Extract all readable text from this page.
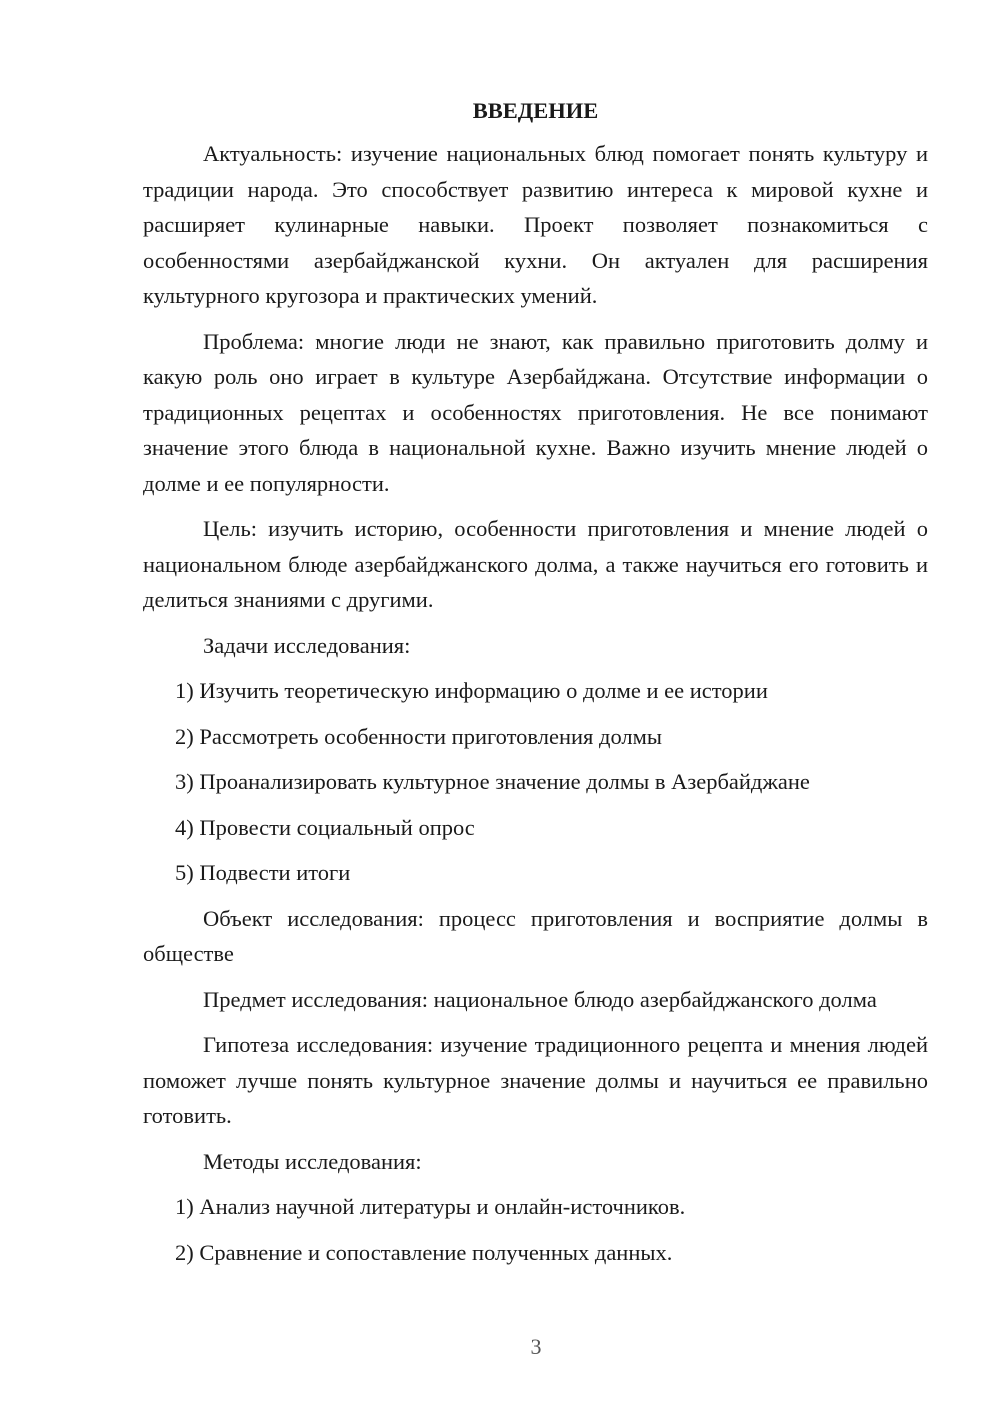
ВВЕДЕНИЕ

Актуальность: изучение национальных блюд помогает понять культуру и традиции народа. Это способствует развитию интереса к мировой кухне и расширяет кулинарные навыки. Проект позволяет познакомиться с особенностями азербайджанской кухни. Он актуален для расширения культурного кругозора и практических умений.

Проблема: многие люди не знают, как правильно приготовить долму и какую роль оно играет в культуре Азербайджана. Отсутствие информации о традиционных рецептах и особенностях приготовления. Не все понимают значение этого блюда в национальной кухне. Важно изучить мнение людей о долме и ее популярности.

Цель: изучить историю, особенности приготовления и мнение людей о национальном блюде азербайджанского долма, а также научиться его готовить и делиться знаниями с другими.

Задачи исследования:

1) Изучить теоретическую информацию о долме и ее истории
2) Рассмотреть особенности приготовления долмы
3) Проанализировать культурное значение долмы в Азербайджане
4) Провести социальный опрос
5) Подвести итоги

Объект исследования: процесс приготовления и восприятие долмы в обществе

Предмет исследования: национальное блюдо азербайджанского долма

Гипотеза исследования: изучение традиционного рецепта и мнения людей поможет лучше понять культурное значение долмы и научиться ее правильно готовить.

Методы исследования:

1) Анализ научной литературы и онлайн-источников.
2) Сравнение и сопоставление полученных данных.
3
